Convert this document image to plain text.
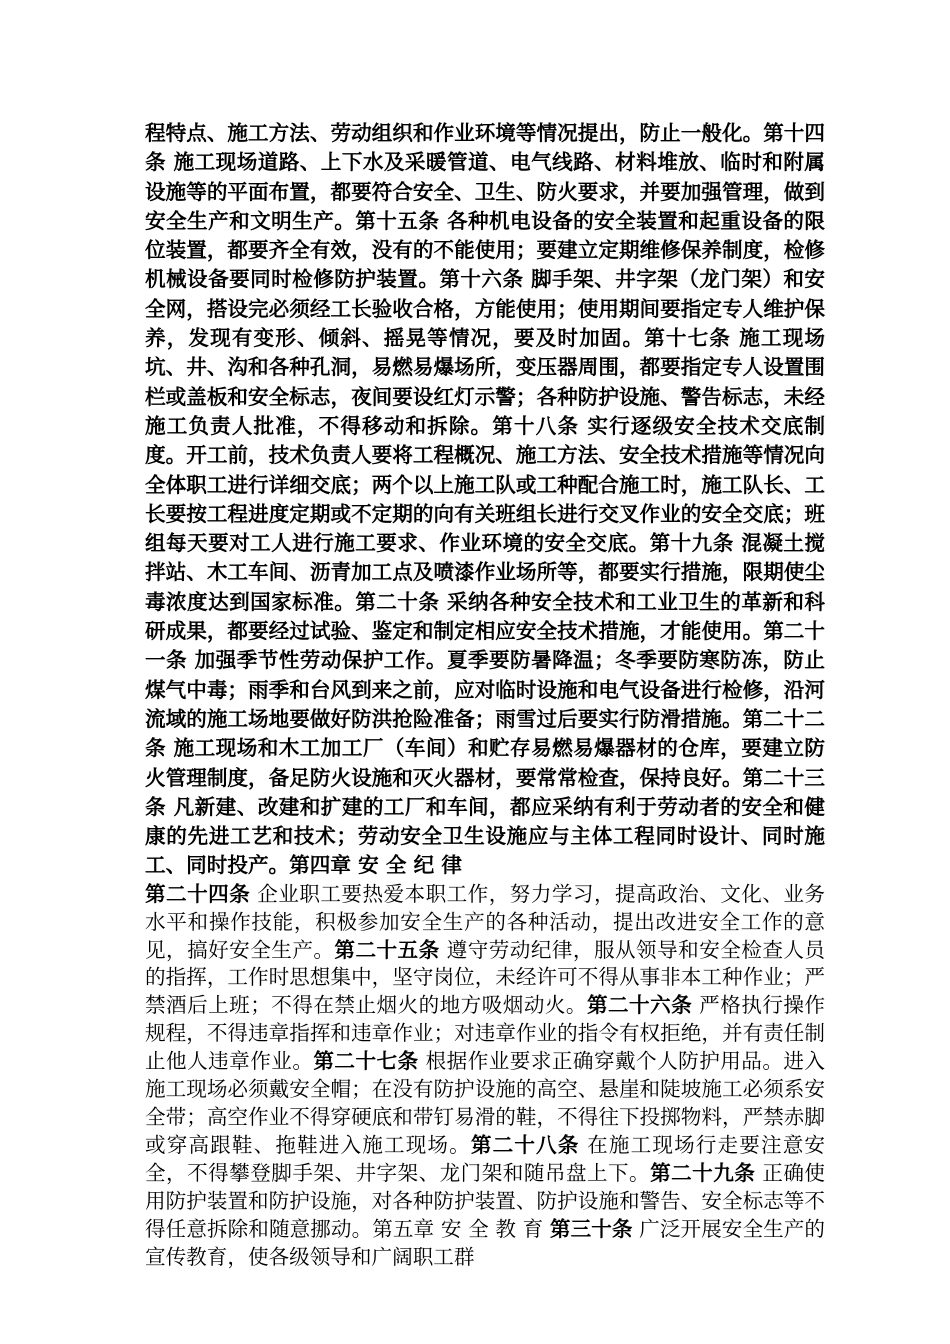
程特点、施工方法、劳动组织和作业环境等情况提出，防止一般化。第十四条 施工现场道路、上下水及采暖管道、电气线路、材料堆放、临时和附属设施等的平面布置，都要符合安全、卫生、防火要求，并要加强管理，做到安全生产和文明生产。第十五条 各种机电设备的安全装置和起重设备的限位装置，都要齐全有效，没有的不能使用；要建立定期维修保养制度，检修机械设备要同时检修防护装置。第十六条 脚手架、井字架（龙门架）和安全网，搭设完必须经工长验收合格，方能使用；使用期间要指定专人维护保养，发现有变形、倾斜、摇晃等情况，要及时加固。第十七条 施工现场坑、井、沟和各种孔洞，易燃易爆场所，变压器周围，都要指定专人设置围栏或盖板和安全标志，夜间要设红灯示警；各种防护设施、警告标志，未经施工负责人批准，不得移动和拆除。第十八条 实行逐级安全技术交底制度。开工前，技术负责人要将工程概况、施工方法、安全技术措施等情况向全体职工进行详细交底；两个以上施工队或工种配合施工时，施工队长、工长要按工程进度定期或不定期的向有关班组长进行交叉作业的安全交底；班组每天要对工人进行施工要求、作业环境的安全交底。第十九条 混凝土搅拌站、木工车间、沥青加工点及喷漆作业场所等，都要实行措施，限期使尘毒浓度达到国家标准。第二十条 采纳各种安全技术和工业卫生的革新和科研成果，都要经过试验、鉴定和制定相应安全技术措施，才能使用。第二十一条 加强季节性劳动保护工作。夏季要防暑降温；冬季要防寒防冻，防止煤气中毒；雨季和台风到来之前，应对临时设施和电气设备进行检修，沿河流域的施工场地要做好防洪抢险准备；雨雪过后要实行防滑措施。第二十二条 施工现场和木工加工厂（车间）和贮存易燃易爆器材的仓库，要建立防火管理制度，备足防火设施和灭火器材，要常常检查，保持良好。第二十三条 凡新建、改建和扩建的工厂和车间，都应采纳有利于劳动者的安全和健康的先进工艺和技术；劳动安全卫生设施应与主体工程同时设计、同时施工、同时投产。第四章 安 全 纪 律

第二十四条 企业职工要热爱本职工作，努力学习，提高政治、文化、业务水平和操作技能，积极参加安全生产的各种活动，提出改进安全工作的意见，搞好安全生产。第二十五条 遵守劳动纪律，服从领导和安全检查人员的指挥，工作时思想集中，坚守岗位，未经许可不得从事非本工种作业；严禁酒后上班；不得在禁止烟火的地方吸烟动火。第二十六条 严格执行操作规程，不得违章指挥和违章作业；对违章作业的指令有权拒绝，并有责任制止他人违章作业。第二十七条 根据作业要求正确穿戴个人防护用品。进入施工现场必须戴安全帽；在没有防护设施的高空、悬崖和陡坡施工必须系安全带；高空作业不得穿硬底和带钉易滑的鞋，不得往下投掷物料，严禁赤脚或穿高跟鞋、拖鞋进入施工现场。第二十八条 在施工现场行走要注意安全，不得攀登脚手架、井字架、龙门架和随吊盘上下。第二十九条 正确使用防护装置和防护设施，对各种防护装置、防护设施和警告、安全标志等不得任意拆除和随意挪动。第五章 安 全 教 育 第三十条 广泛开展安全生产的宣传教育，使各级领导和广阔职工群
